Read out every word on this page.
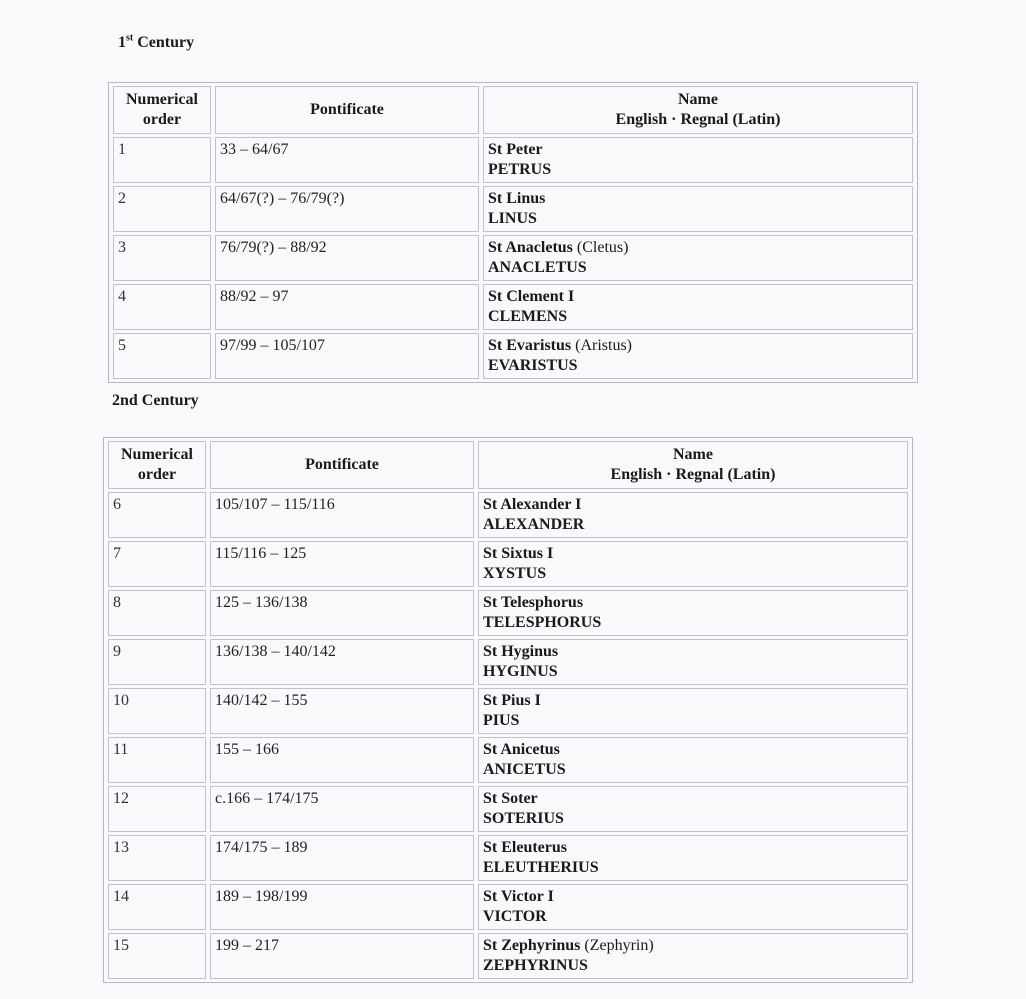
1st Century
Numerical
order	Pontificate	Name
English · Regnal (Latin)

1	33 – 64/67	St Peter
PETRUS

2	64/67(?) – 76/79(?)	St Linus
LINUS

3	76/79(?) – 88/92	St Anacletus (Cletus)
ANACLETUS

4	88/92 – 97	St Clement I
CLEMENS

5	97/99 – 105/107	St Evaristus (Aristus)
EVARISTUS
2nd Century
Numerical
order	Pontificate	Name
English · Regnal (Latin)

6	105/107 – 115/116	St Alexander I
ALEXANDER

7	115/116 – 125	St Sixtus I
XYSTUS

8	125 – 136/138	St Telesphorus
TELESPHORUS

9	136/138 – 140/142	St Hyginus
HYGINUS

10	140/142 – 155	St Pius I
PIUS

11	155 – 166	St Anicetus
ANICETUS

12	c.166 – 174/175	St Soter
SOTERIUS

13	174/175 – 189	St Eleuterus
ELEUTHERIUS

14	189 – 198/199	St Victor I
VICTOR

15	199 – 217	St Zephyrinus (Zephyrin)
ZEPHYRINUS
